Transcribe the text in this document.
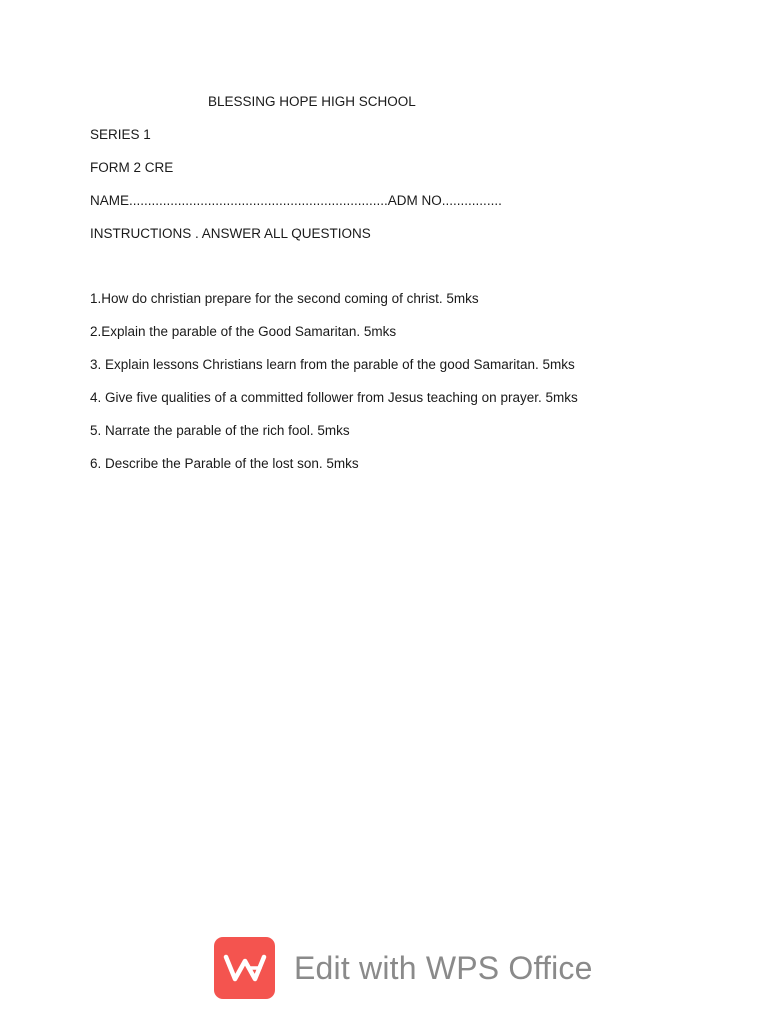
BLESSING HOPE HIGH SCHOOL
SERIES 1
FORM 2 CRE
NAME.....................................................................ADM NO................
INSTRUCTIONS . ANSWER ALL QUESTIONS
1.How do christian prepare for the second coming of christ. 5mks
2.Explain the parable of the Good Samaritan. 5mks
3. Explain lessons Christians learn from the parable of the good Samaritan. 5mks
4. Give five qualities of a committed follower from Jesus teaching on prayer. 5mks
5. Narrate the parable of the rich fool. 5mks
6. Describe the Parable of the lost son. 5mks
Edit with WPS Office
